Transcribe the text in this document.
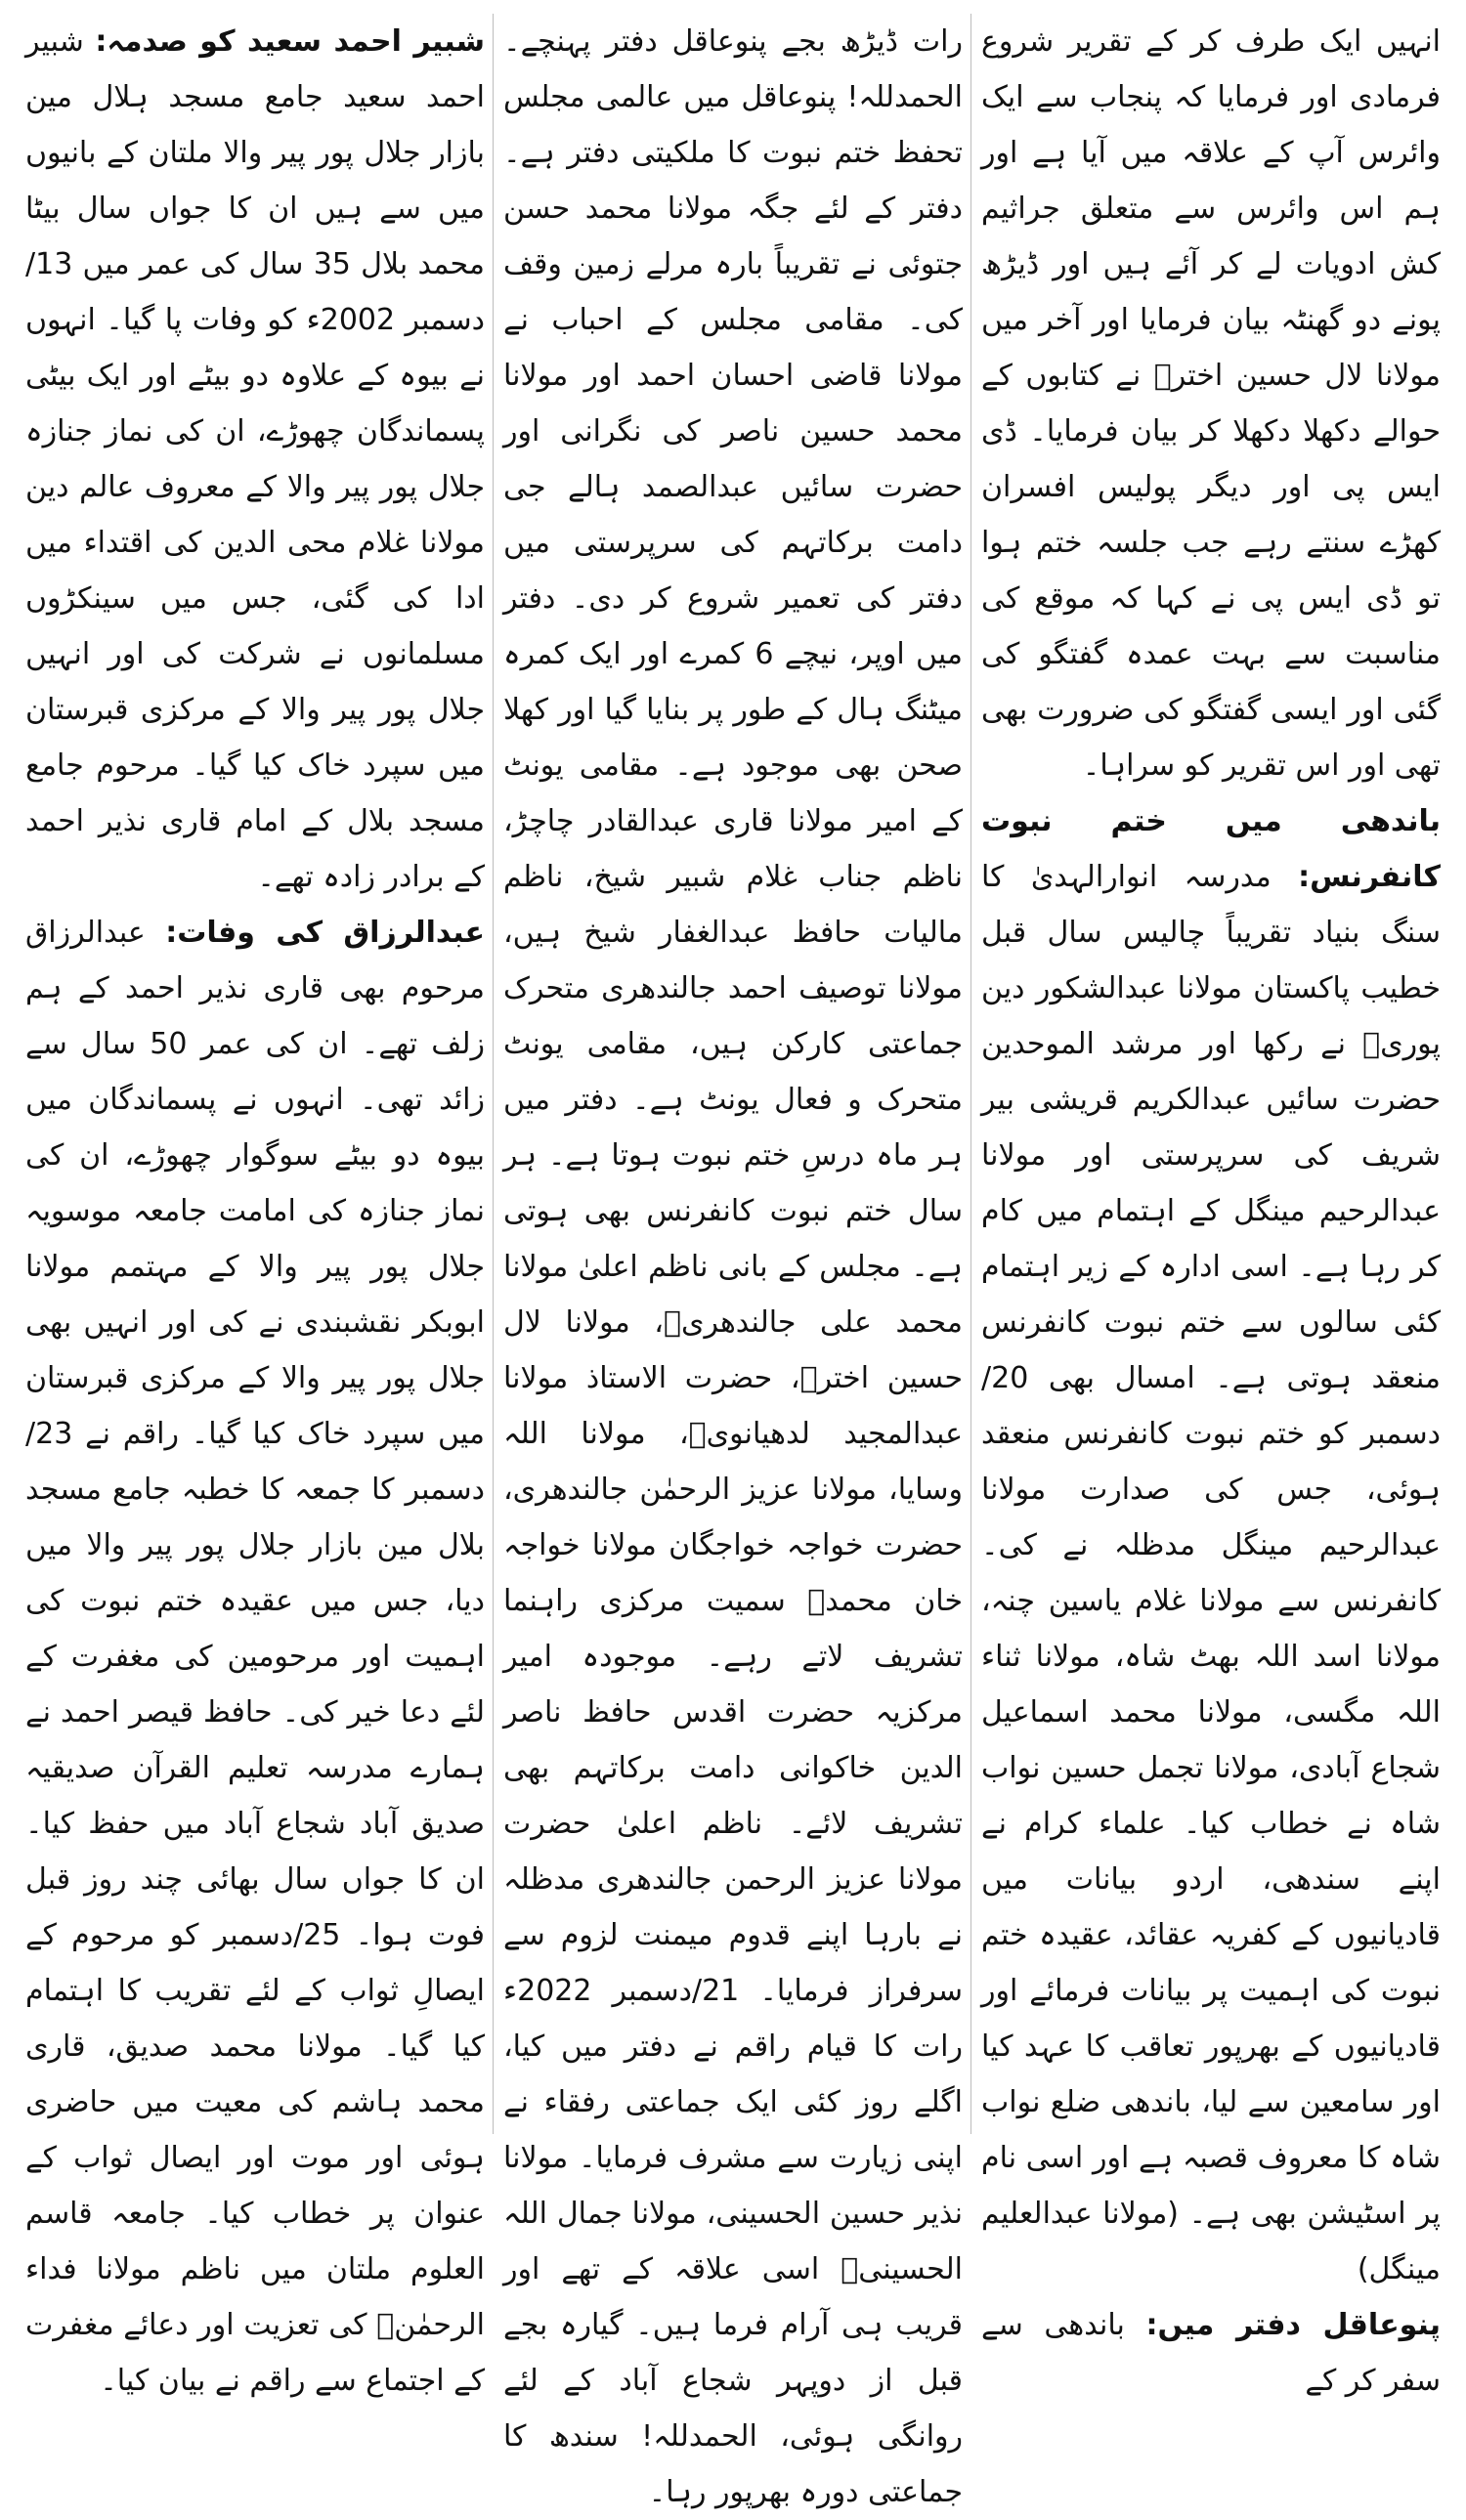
انہیں ایک طرف کر کے تقریر شروع فرمادی اور فرمایا کہ پنجاب سے ایک وائرس آپ کے علاقہ میں آیا ہے اور ہم اس وائرس سے متعلق جراثیم کش ادویات لے کر آئے ہیں اور ڈیڑھ پونے دو گھنٹہ بیان فرمایا اور آخر میں مولانا لال حسین اخترؒ نے کتابوں کے حوالے دکھلا دکھلا کر بیان فرمایا۔ ڈی ایس پی اور دیگر پولیس افسران کھڑے سنتے رہے جب جلسہ ختم ہوا تو ڈی ایس پی نے کہا کہ موقع کی مناسبت سے بہت عمدہ گفتگو کی گئی اور ایسی گفتگو کی ضرورت بھی تھی اور اس تقریر کو سراہا۔

باندھی میں ختم نبوت کانفرنس: مدرسہ انوارالہدیٰ کا سنگ بنیاد تقریباً چالیس سال قبل خطیب پاکستان مولانا عبدالشکور دین پوریؒ نے رکھا اور مرشد الموحدین حضرت سائیں عبدالکریم قریشی بیر شریف کی سرپرستی اور مولانا عبدالرحیم مینگل کے اہتمام میں کام کر رہا ہے۔ اسی ادارہ کے زیر اہتمام کئی سالوں سے ختم نبوت کانفرنس منعقد ہوتی ہے۔ امسال بھی 20/دسمبر کو ختم نبوت کانفرنس منعقد ہوئی، جس کی صدارت مولانا عبدالرحیم مینگل مدظلہ نے کی۔ کانفرنس سے مولانا غلام یاسین چنہ، مولانا اسد اللہ بھٹ شاہ، مولانا ثناء اللہ مگسی، مولانا محمد اسماعیل شجاع آبادی، مولانا تجمل حسین نواب شاہ نے خطاب کیا۔ علماء کرام نے اپنے سندھی، اردو بیانات میں قادیانیوں کے کفریہ عقائد، عقیدہ ختم نبوت کی اہمیت پر بیانات فرمائے اور قادیانیوں کے بھرپور تعاقب کا عہد کیا اور سامعین سے لیا، باندھی ضلع نواب شاہ کا معروف قصبہ ہے اور اسی نام پر اسٹیشن بھی ہے۔ (مولانا عبدالعلیم مینگل)

پنوعاقل دفتر میں: باندھی سے سفر کر کے

رات ڈیڑھ بجے پنوعاقل دفتر پہنچے۔ الحمدللہ! پنوعاقل میں عالمی مجلس تحفظ ختم نبوت کا ملکیتی دفتر ہے۔ دفتر کے لئے جگہ مولانا محمد حسن جتوئی نے تقریباً بارہ مرلے زمین وقف کی۔ مقامی مجلس کے احباب نے مولانا قاضی احسان احمد اور مولانا محمد حسین ناصر کی نگرانی اور حضرت سائیں عبدالصمد ہالے جی دامت برکاتہم کی سرپرستی میں دفتر کی تعمیر شروع کر دی۔ دفتر میں اوپر، نیچے 6 کمرے اور ایک کمرہ میٹنگ ہال کے طور پر بنایا گیا اور کھلا صحن بھی موجود ہے۔ مقامی یونٹ کے امیر مولانا قاری عبدالقادر چاچڑ، ناظم جناب غلام شبیر شیخ، ناظم مالیات حافظ عبدالغفار شیخ ہیں، مولانا توصیف احمد جالندھری متحرک جماعتی کارکن ہیں، مقامی یونٹ متحرک و فعال یونٹ ہے۔ دفتر میں ہر ماہ درسِ ختم نبوت ہوتا ہے۔ ہر سال ختم نبوت کانفرنس بھی ہوتی ہے۔ مجلس کے بانی ناظم اعلیٰ مولانا محمد علی جالندھریؒ، مولانا لال حسین اخترؒ، حضرت الاستاذ مولانا عبدالمجید لدھیانویؒ، مولانا اللہ وسایا، مولانا عزیز الرحمٰن جالندھری، حضرت خواجہ خواجگان مولانا خواجہ خان محمدؒ سمیت مرکزی راہنما تشریف لاتے رہے۔ موجودہ امیر مرکزیہ حضرت اقدس حافظ ناصر الدین خاکوانی دامت برکاتہم بھی تشریف لائے۔ ناظم اعلیٰ حضرت مولانا عزیز الرحمن جالندھری مدظلہ نے بارہا اپنے قدوم میمنت لزوم سے سرفراز فرمایا۔ 21/دسمبر 2022ء رات کا قیام راقم نے دفتر میں کیا، اگلے روز کئی ایک جماعتی رفقاء نے اپنی زیارت سے مشرف فرمایا۔ مولانا نذیر حسین الحسینی، مولانا جمال اللہ الحسینیؒ اسی علاقہ کے تھے اور قریب ہی آرام فرما ہیں۔ گیارہ بجے قبل از دوپہر شجاع آباد کے لئے روانگی ہوئی، الحمدللہ! سندھ کا جماعتی دورہ بھرپور رہا۔

شبیر احمد سعید کو صدمہ: شبیر احمد سعید جامع مسجد ہلال مین بازار جلال پور پیر والا ملتان کے بانیوں میں سے ہیں ان کا جواں سال بیٹا محمد بلال 35 سال کی عمر میں 13/دسمبر 2002ء کو وفات پا گیا۔ انہوں نے بیوہ کے علاوہ دو بیٹے اور ایک بیٹی پسماندگان چھوڑے، ان کی نماز جنازہ جلال پور پیر والا کے معروف عالم دین مولانا غلام محی الدین کی اقتداء میں ادا کی گئی، جس میں سینکڑوں مسلمانوں نے شرکت کی اور انہیں جلال پور پیر والا کے مرکزی قبرستان میں سپرد خاک کیا گیا۔ مرحوم جامع مسجد بلال کے امام قاری نذیر احمد کے برادر زادہ تھے۔

عبدالرزاق کی وفات: عبدالرزاق مرحوم بھی قاری نذیر احمد کے ہم زلف تھے۔ ان کی عمر 50 سال سے زائد تھی۔ انہوں نے پسماندگان میں بیوہ دو بیٹے سوگوار چھوڑے، ان کی نماز جنازہ کی امامت جامعہ موسویہ جلال پور پیر والا کے مہتمم مولانا ابوبکر نقشبندی نے کی اور انہیں بھی جلال پور پیر والا کے مرکزی قبرستان میں سپرد خاک کیا گیا۔ راقم نے 23/دسمبر کا جمعہ کا خطبہ جامع مسجد بلال مین بازار جلال پور پیر والا میں دیا، جس میں عقیدہ ختم نبوت کی اہمیت اور مرحومین کی مغفرت کے لئے دعا خیر کی۔ حافظ قیصر احمد نے ہمارے مدرسہ تعلیم القرآن صدیقیہ صدیق آباد شجاع آباد میں حفظ کیا۔ ان کا جواں سال بھائی چند روز قبل فوت ہوا۔ 25/دسمبر کو مرحوم کے ایصالِ ثواب کے لئے تقریب کا اہتمام کیا گیا۔ مولانا محمد صدیق، قاری محمد ہاشم کی معیت میں حاضری ہوئی اور موت اور ایصال ثواب کے عنوان پر خطاب کیا۔ جامعہ قاسم العلوم ملتان میں ناظم مولانا فداء الرحمٰنؒ کی تعزیت اور دعائے مغفرت کے اجتماع سے راقم نے بیان کیا۔
